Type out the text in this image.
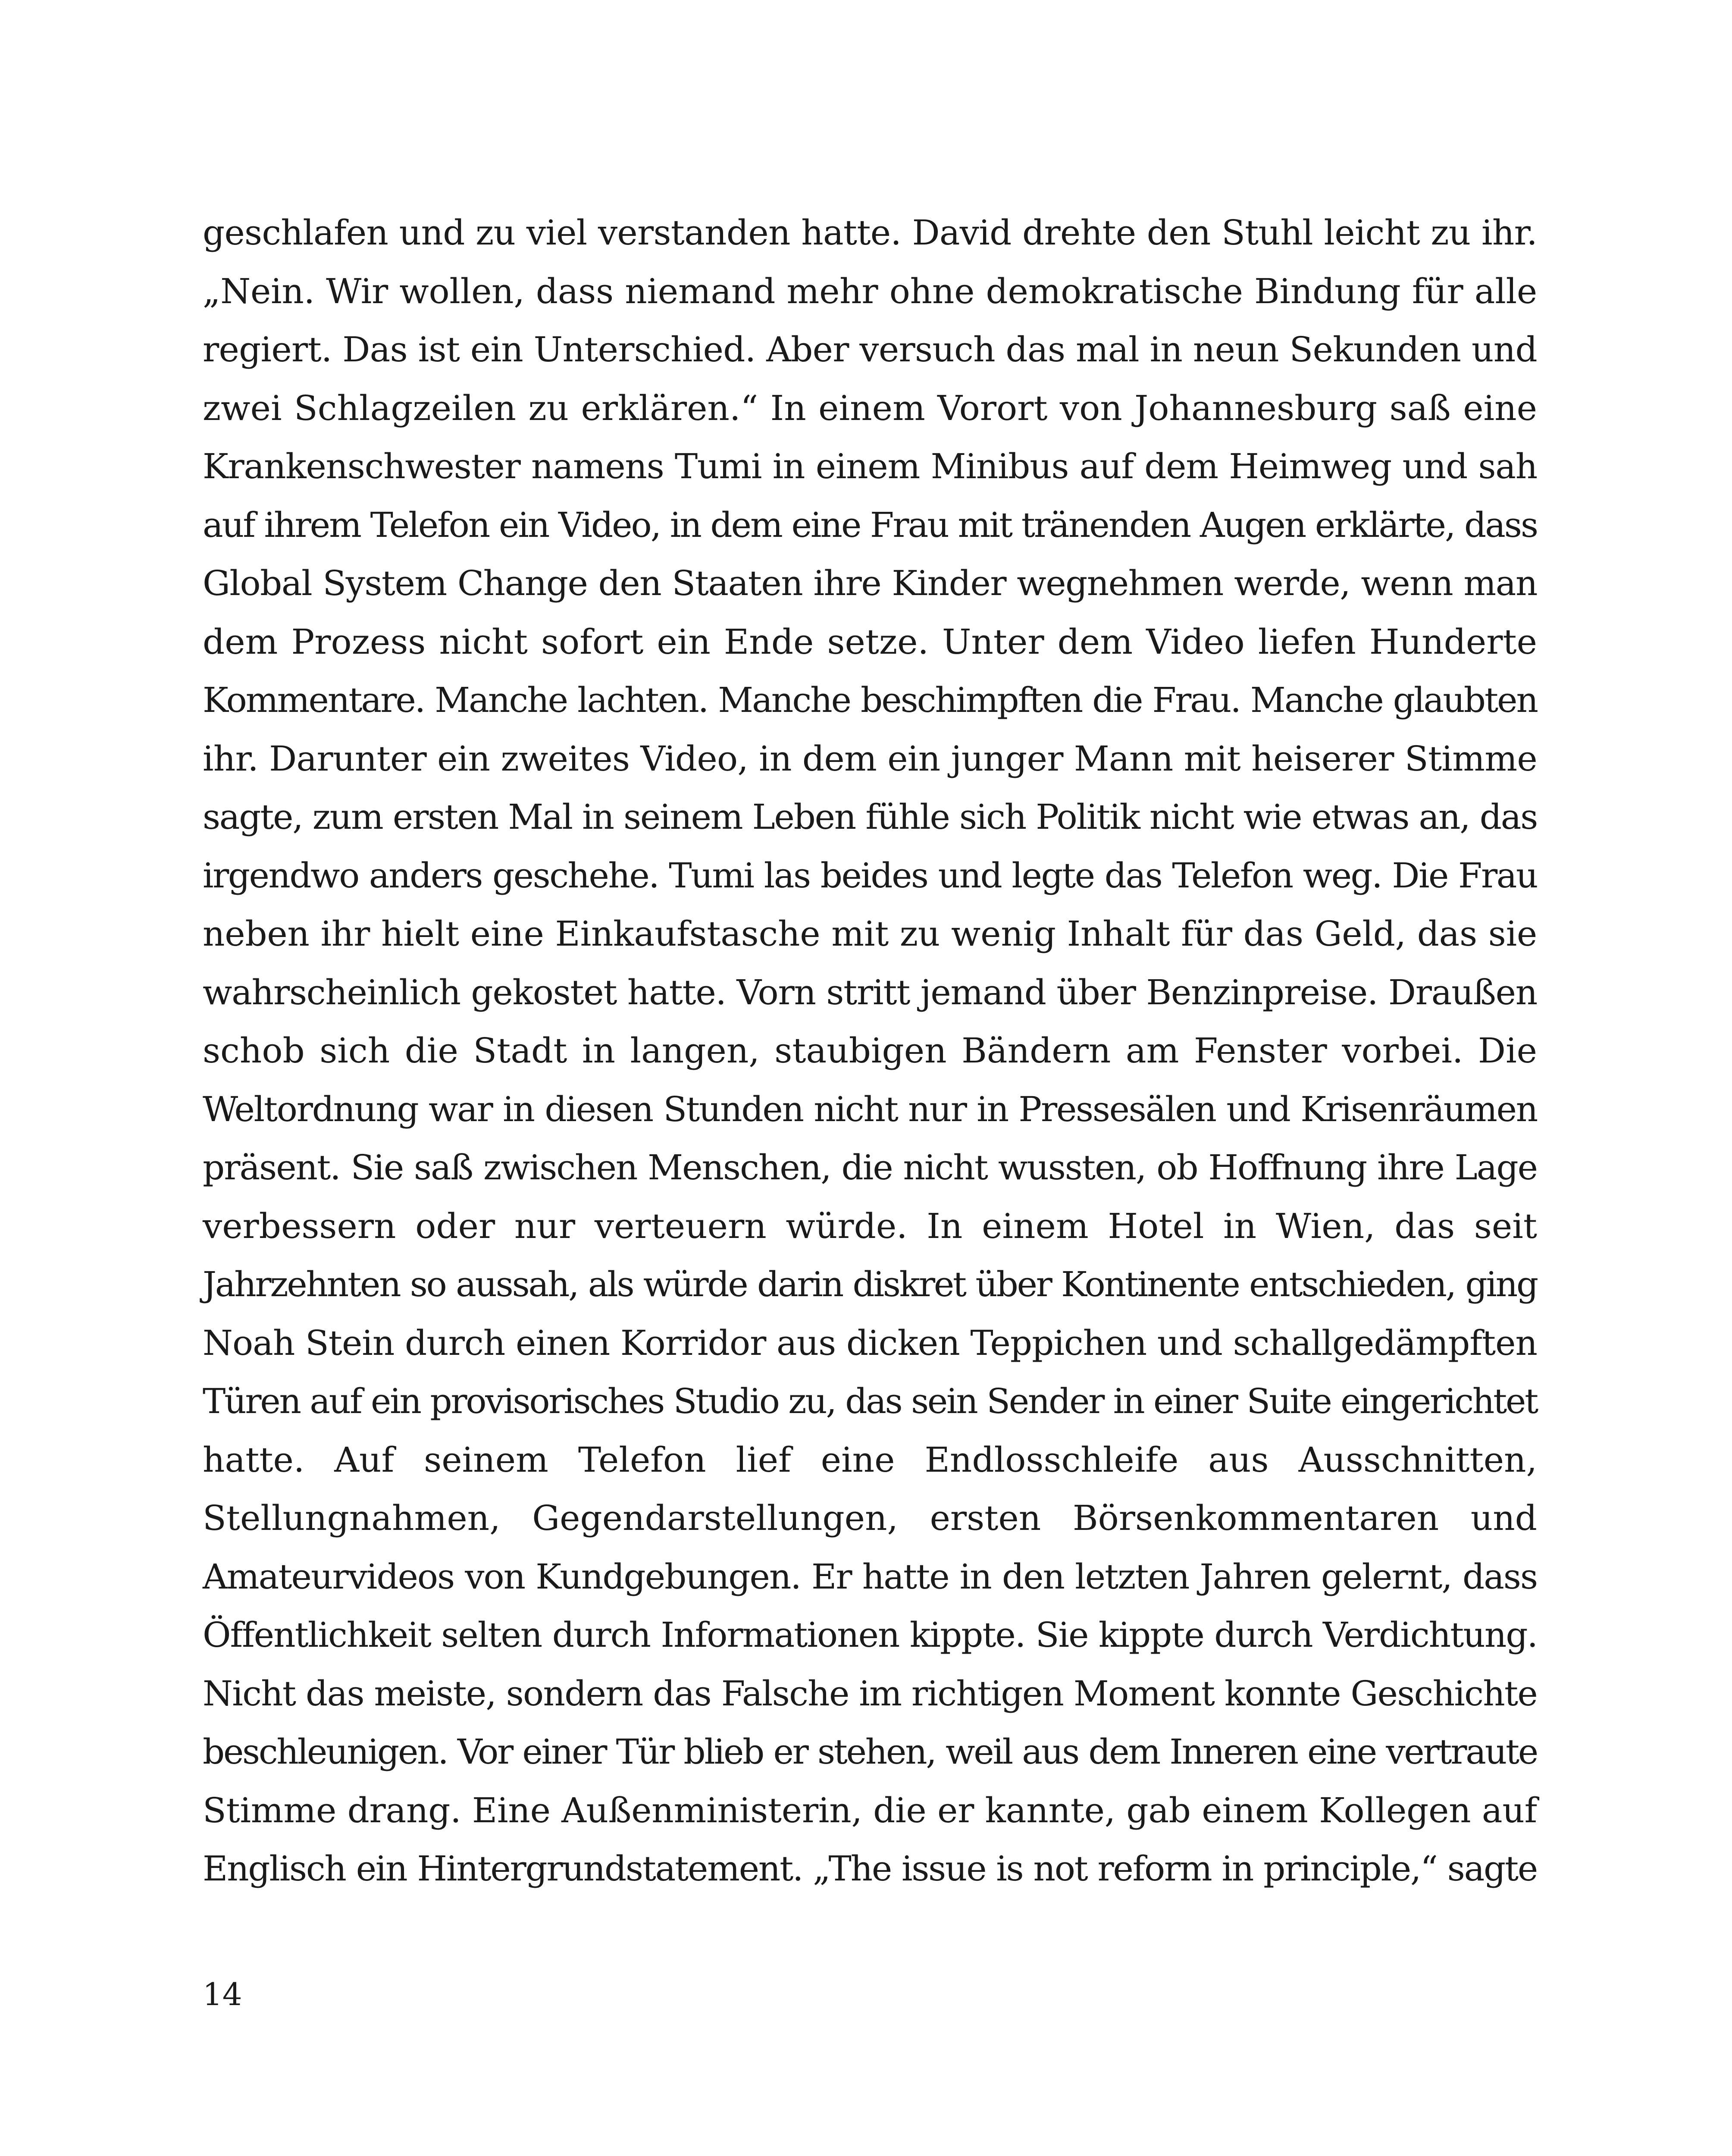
geschlafen und zu viel verstanden hatte. David drehte den Stuhl leicht zu ihr.
„Nein. Wir wollen, dass niemand mehr ohne demokratische Bindung für alle
regiert. Das ist ein Unterschied. Aber versuch das mal in neun Sekunden und
zwei Schlagzeilen zu erklären.“ In einem Vorort von Johannesburg saß eine
Krankenschwester namens Tumi in einem Minibus auf dem Heimweg und sah
auf ihrem Telefon ein Video, in dem eine Frau mit tränenden Augen erklärte, dass
Global System Change den Staaten ihre Kinder wegnehmen werde, wenn man
dem Prozess nicht sofort ein Ende setze. Unter dem Video liefen Hunderte
Kommentare. Manche lachten. Manche beschimpften die Frau. Manche glaubten
ihr. Darunter ein zweites Video, in dem ein junger Mann mit heiserer Stimme
sagte, zum ersten Mal in seinem Leben fühle sich Politik nicht wie etwas an, das
irgendwo anders geschehe. Tumi las beides und legte das Telefon weg. Die Frau
neben ihr hielt eine Einkaufstasche mit zu wenig Inhalt für das Geld, das sie
wahrscheinlich gekostet hatte. Vorn stritt jemand über Benzinpreise. Draußen
schob sich die Stadt in langen, staubigen Bändern am Fenster vorbei. Die
Weltordnung war in diesen Stunden nicht nur in Pressesälen und Krisenräumen
präsent. Sie saß zwischen Menschen, die nicht wussten, ob Hoffnung ihre Lage
verbessern oder nur verteuern würde. In einem Hotel in Wien, das seit
Jahrzehnten so aussah, als würde darin diskret über Kontinente entschieden, ging
Noah Stein durch einen Korridor aus dicken Teppichen und schallgedämpften
Türen auf ein provisorisches Studio zu, das sein Sender in einer Suite eingerichtet
hatte. Auf seinem Telefon lief eine Endlosschleife aus Ausschnitten,
Stellungnahmen, Gegendarstellungen, ersten Börsenkommentaren und
Amateurvideos von Kundgebungen. Er hatte in den letzten Jahren gelernt, dass
Öffentlichkeit selten durch Informationen kippte. Sie kippte durch Verdichtung.
Nicht das meiste, sondern das Falsche im richtigen Moment konnte Geschichte
beschleunigen. Vor einer Tür blieb er stehen, weil aus dem Inneren eine vertraute
Stimme drang. Eine Außenministerin, die er kannte, gab einem Kollegen auf
Englisch ein Hintergrundstatement. „The issue is not reform in principle,“ sagte
14
